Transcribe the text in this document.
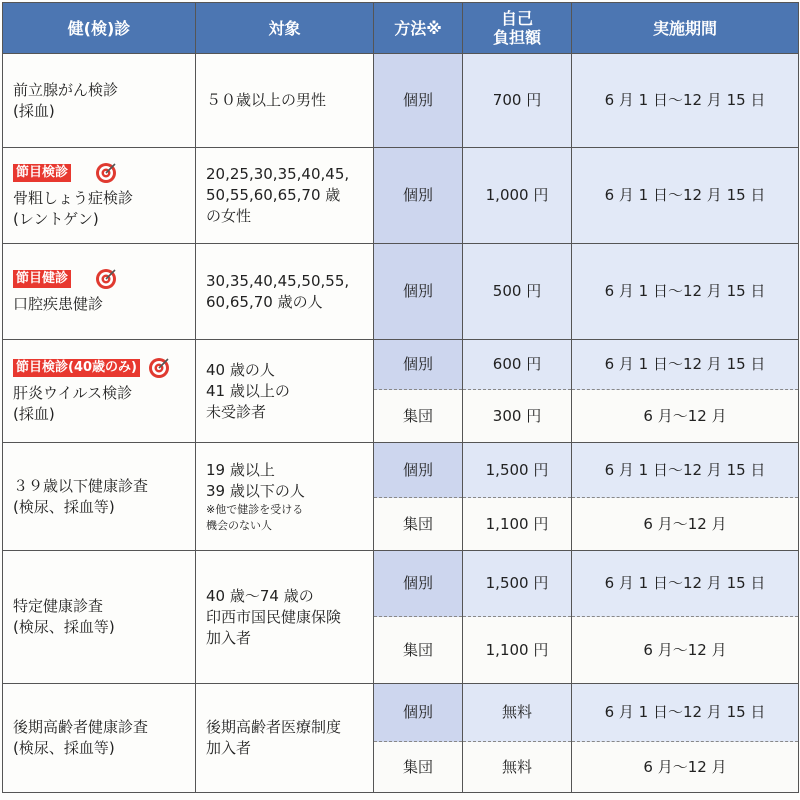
健(検)診	対象	方法※	自己
負担額	実施期間

前立腺がん検診
(採血)	５０歳以上の男性	個別	700 円	6 月 1 日〜12 月 15 日

節目検診
骨粗しょう症検診
(レントゲン)	20,25,30,35,40,45,
50,55,60,65,70 歳
の女性	個別	1,000 円	6 月 1 日〜12 月 15 日

節目健診
口腔疾患健診	30,35,40,45,50,55,
60,65,70 歳の人	個別	500 円	6 月 1 日〜12 月 15 日

節目検診(40歳のみ)
肝炎ウイルス検診
(採血)	40 歳の人
41 歳以上の
未受診者	個別	600 円	6 月 1 日〜12 月 15 日
		集団	300 円	6 月〜12 月

３９歳以下健康診査
(検尿、採血等)	19 歳以上
39 歳以下の人
※他で健診を受ける
機会のない人	個別	1,500 円	6 月 1 日〜12 月 15 日
		集団	1,100 円	6 月〜12 月

特定健康診査
(検尿、採血等)	40 歳〜74 歳の
印西市国民健康保険
加入者	個別	1,500 円	6 月 1 日〜12 月 15 日
		集団	1,100 円	6 月〜12 月

後期高齢者健康診査
(検尿、採血等)	後期高齢者医療制度
加入者	個別	無料	6 月 1 日〜12 月 15 日
		集団	無料	6 月〜12 月
